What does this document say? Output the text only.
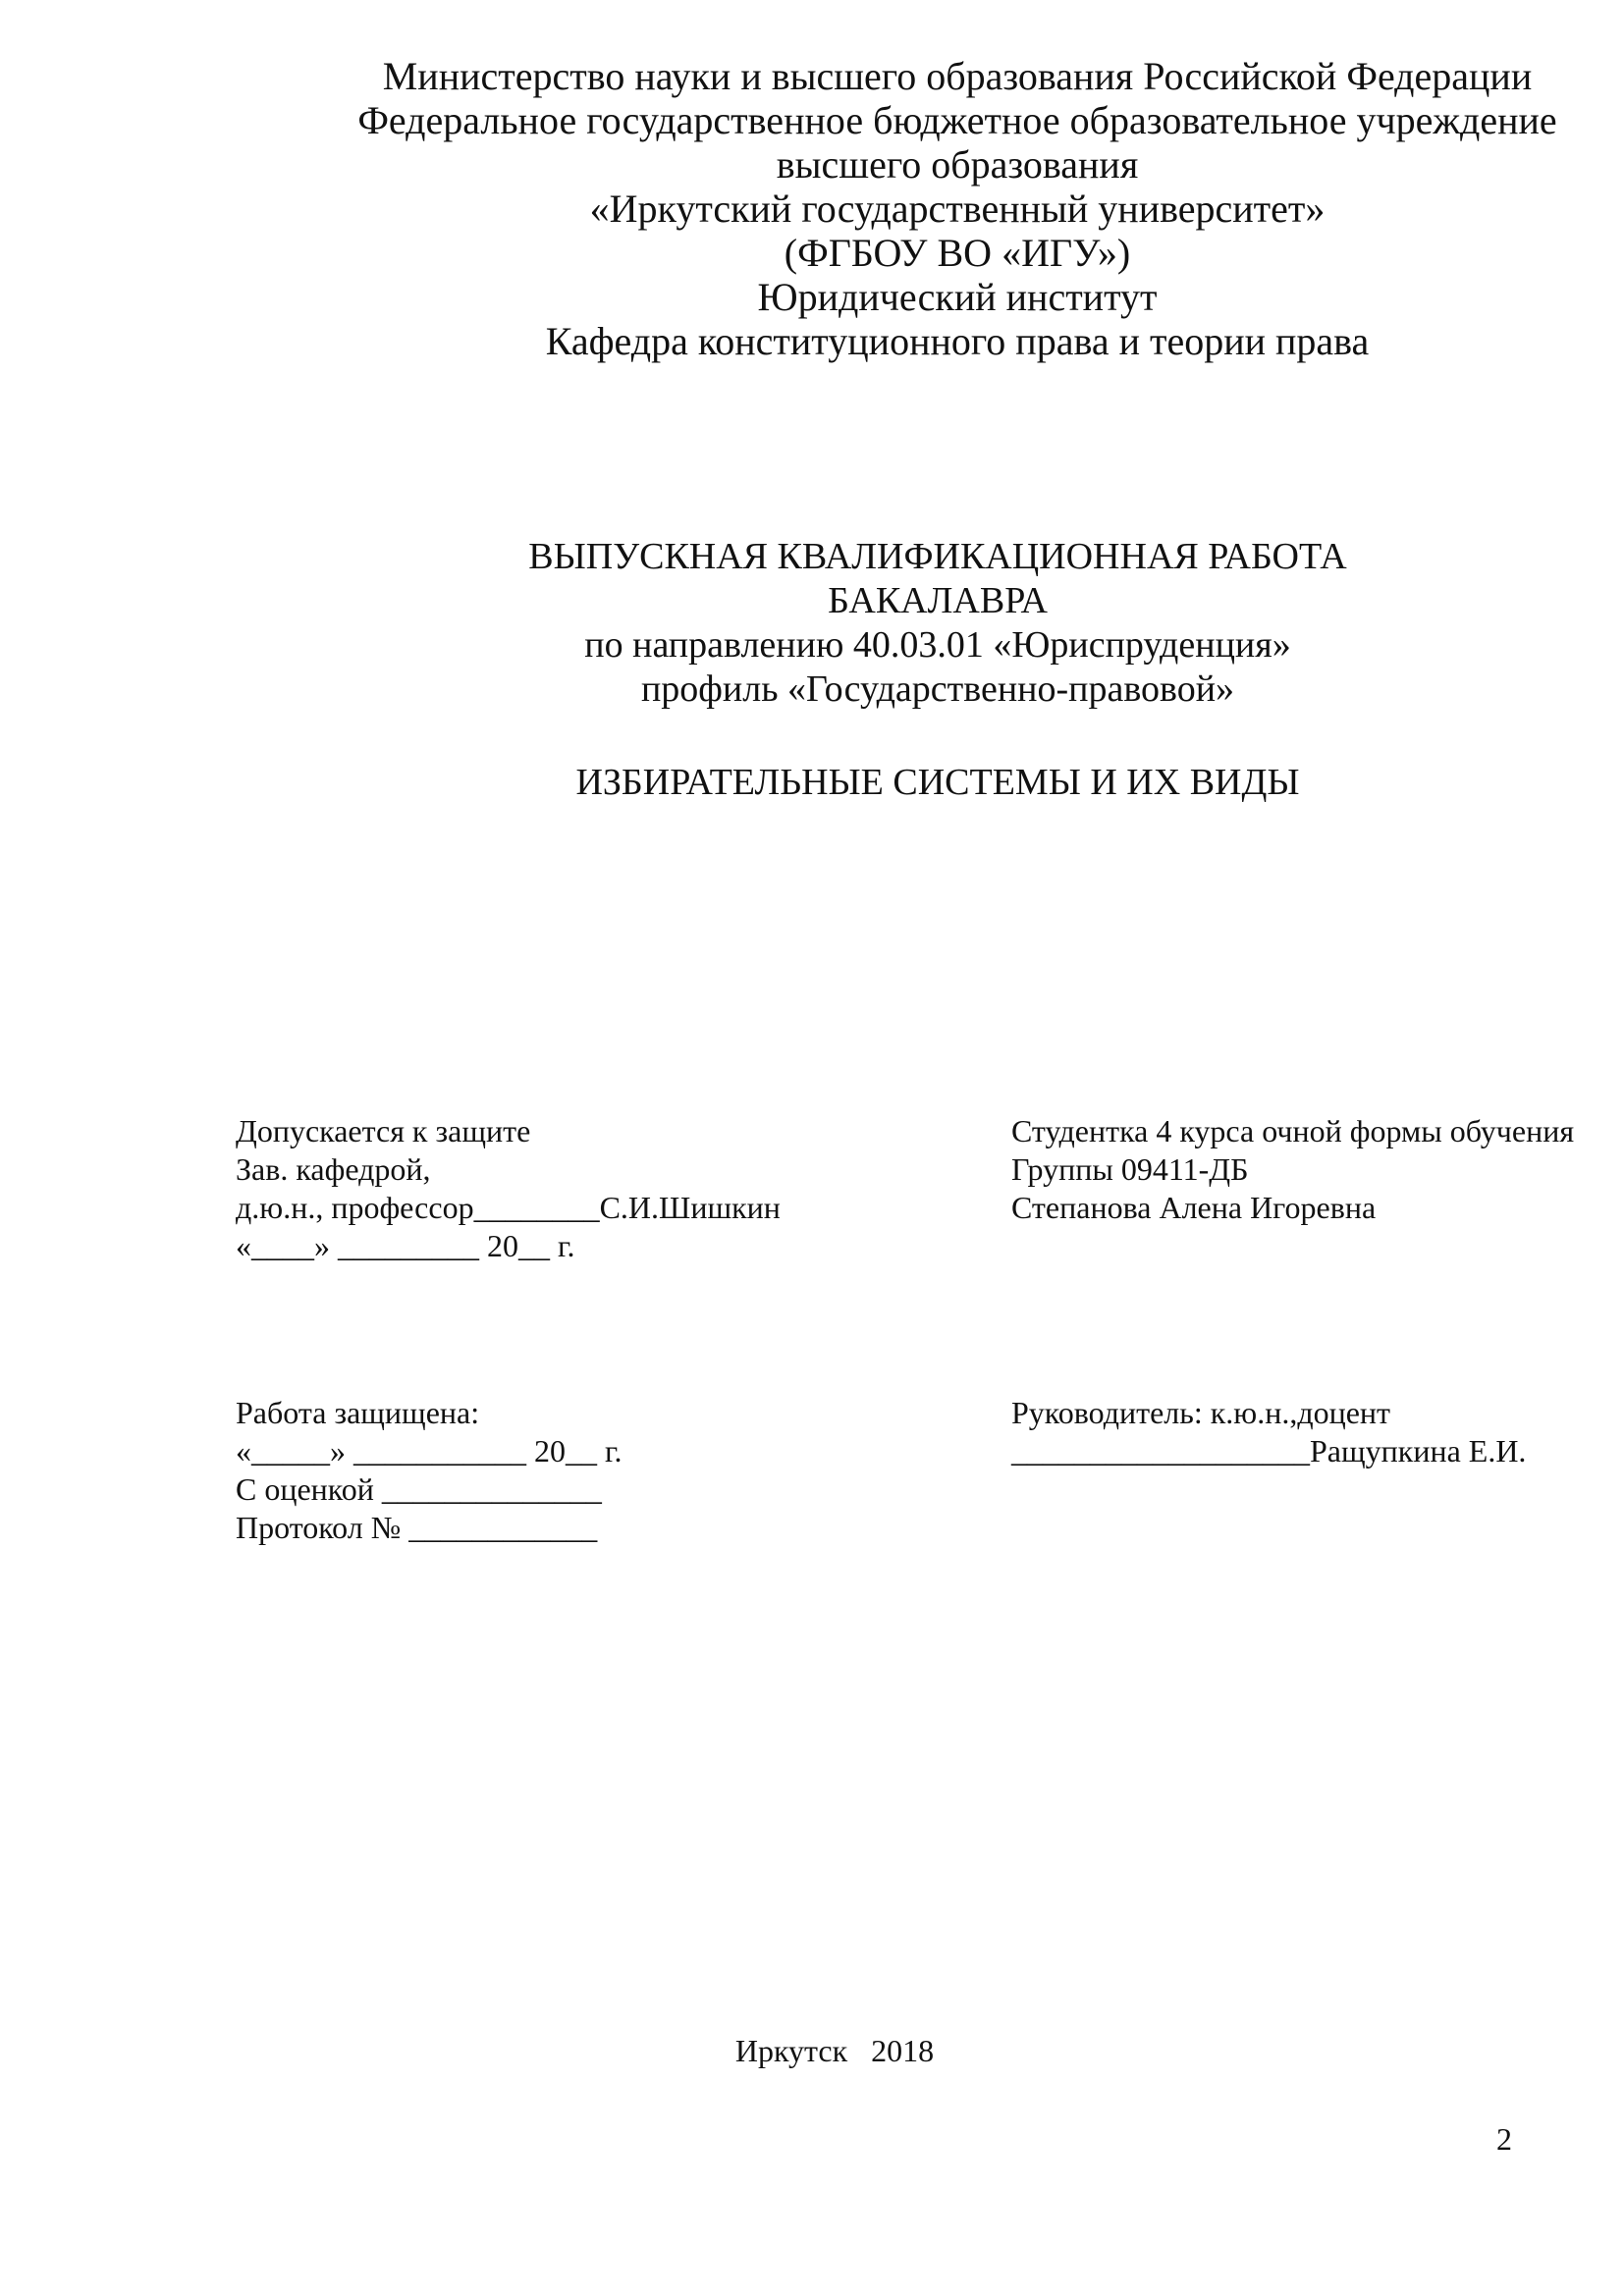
Министерство науки и высшего образования Российской Федерации
Федеральное государственное бюджетное образовательное учреждение
высшего образования
«Иркутский государственный университет»
(ФГБОУ ВО «ИГУ»)
Юридический институт
Кафедра конституционного права и теории права
ВЫПУСКНАЯ КВАЛИФИКАЦИОННАЯ РАБОТА
БАКАЛАВРА
по направлению 40.03.01 «Юриспруденция»
профиль «Государственно-правовой»
ИЗБИРАТЕЛЬНЫЕ СИСТЕМЫ И ИХ ВИДЫ
Допускается к защите
Зав. кафедрой,
д.ю.н., профессор________С.И.Шишкин
«____» _________ 20__ г.
Студентка 4 курса очной формы обучения
Группы 09411-ДБ
Степанова Алена Игоревна
Работа защищена:
«_____» ___________ 20__ г.
С оценкой ______________
Протокол № ____________
Руководитель: к.ю.н.,доцент
___________________Ращупкина Е.И.
Иркутск   2018
2
